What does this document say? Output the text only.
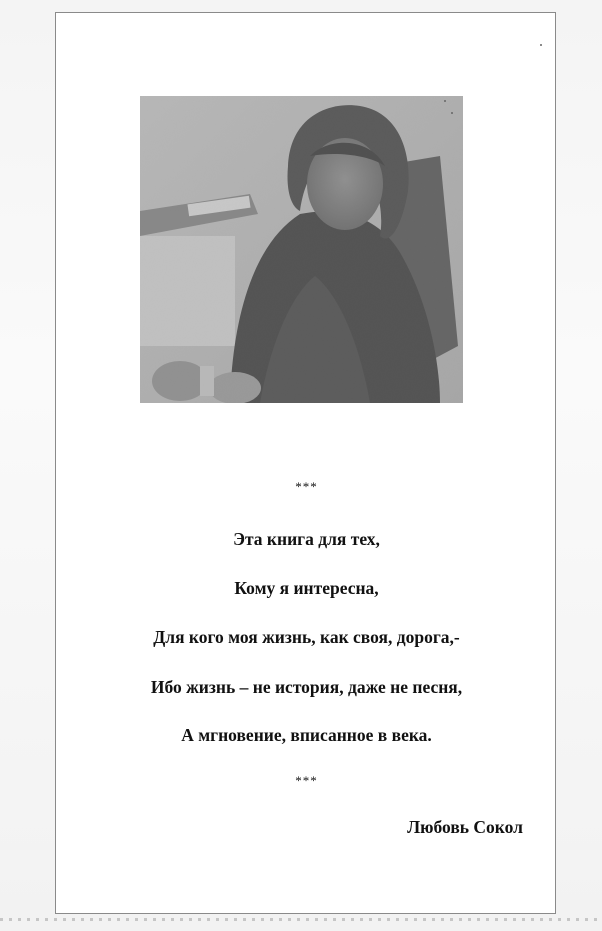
***

Эта книга для тех,

Кому я интересна,

Для кого моя жизнь, как своя, дорога,-

Ибо жизнь – не история, даже не песня,

А мгновение, вписанное в века.

***

Любовь Сокол
